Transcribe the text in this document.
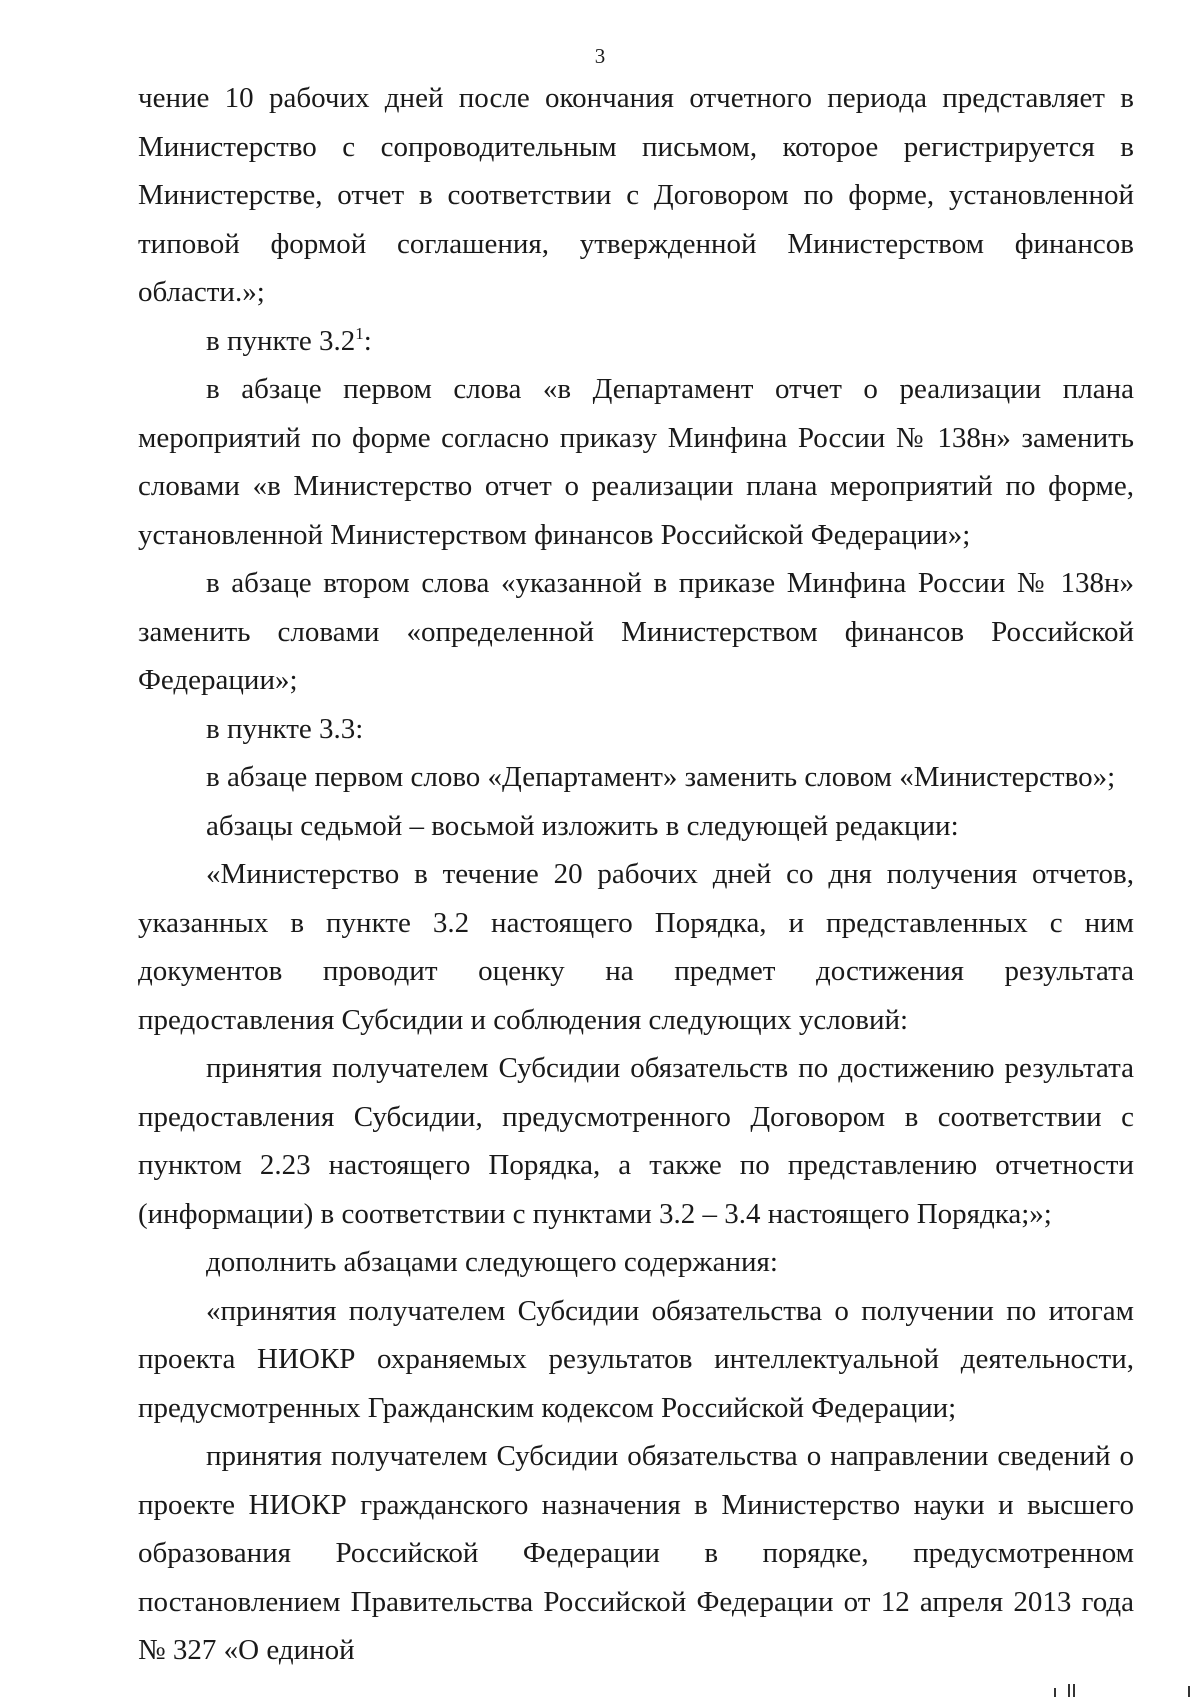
3

чение 10 рабочих дней после окончания отчетного периода представляет в Министерство с сопроводительным письмом, которое регистрируется в Министерстве, отчет в соответствии с Договором по форме, установленной типовой формой соглашения, утвержденной Министерством финансов области.»;

в пункте $3.2^1$:

в абзаце первом слова «в Департамент отчет о реализации плана мероприятий по форме согласно приказу Минфина России № 138н» заменить словами «в Министерство отчет о реализации плана мероприятий по форме, установленной Министерством финансов Российской Федерации»;

в абзаце втором слова «указанной в приказе Минфина России № 138н» заменить словами «определенной Министерством финансов Российской Федерации»;

в пункте 3.3:

в абзаце первом слово «Департамент» заменить словом «Министерство»;

абзацы седьмой – восьмой изложить в следующей редакции:

«Министерство в течение 20 рабочих дней со дня получения отчетов, указанных в пункте 3.2 настоящего Порядка, и представленных с ним документов проводит оценку на предмет достижения результата предоставления Субсидии и соблюдения следующих условий:

принятия получателем Субсидии обязательств по достижению результата предоставления Субсидии, предусмотренного Договором в соответствии с пунктом 2.23 настоящего Порядка, а также по представлению отчетности (информации) в соответствии с пунктами 3.2 – 3.4 настоящего Порядка;»;

дополнить абзацами следующего содержания:

«принятия получателем Субсидии обязательства о получении по итогам проекта НИОКР охраняемых результатов интеллектуальной деятельности, предусмотренных Гражданским кодексом Российской Федерации;

принятия получателем Субсидии обязательства о направлении сведений о проекте НИОКР гражданского назначения в Министерство науки и высшего образования Российской Федерации в порядке, предусмотренном постановлением Правительства Российской Федерации от 12 апреля 2013 года № 327 «О единой
